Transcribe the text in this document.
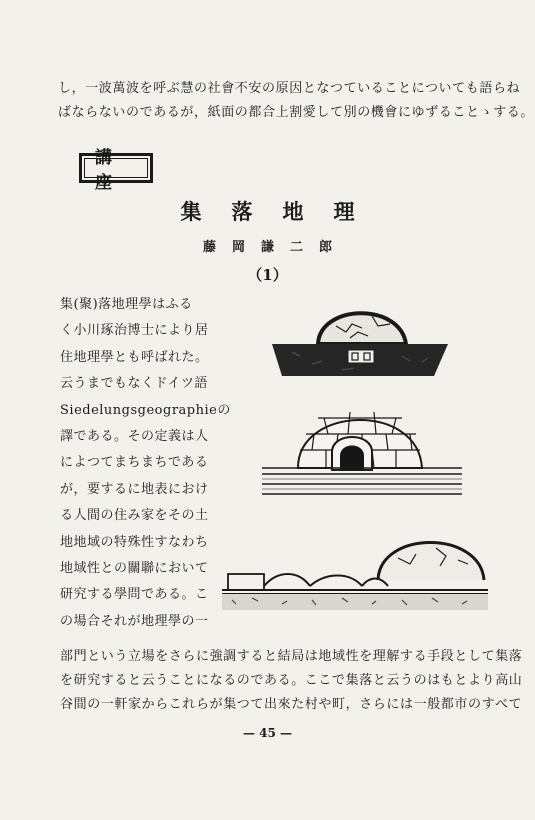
し，一波萬波を呼ぶ慧の社會不安の原因となつていることについても語らね
ばならないのであるが，紙面の都合上割愛して別の機會にゆずることゝする。
講座
集落地理
藤岡謙二郎
（1）
集(聚)落地理學はふる
く小川琢治博士により居
住地理學とも呼ばれた。
云うまでもなくドイツ語
Siedelungsgeographieの
譯である。その定義は人
によつてまちまちである
が，要するに地表におけ
る人間の住み家をその土
地地域の特殊性すなわち
地域性との關聯において
研究する學問である。こ
の場合それが地理學の一
部門という立場をさらに強調すると結局は地域性を理解する手段として集落
を研究すると云うことになるのである。ここで集落と云うのはもとより高山
谷間の一軒家からこれらが集つて出來た村や町，さらには一般都市のすべて
— 45 —
